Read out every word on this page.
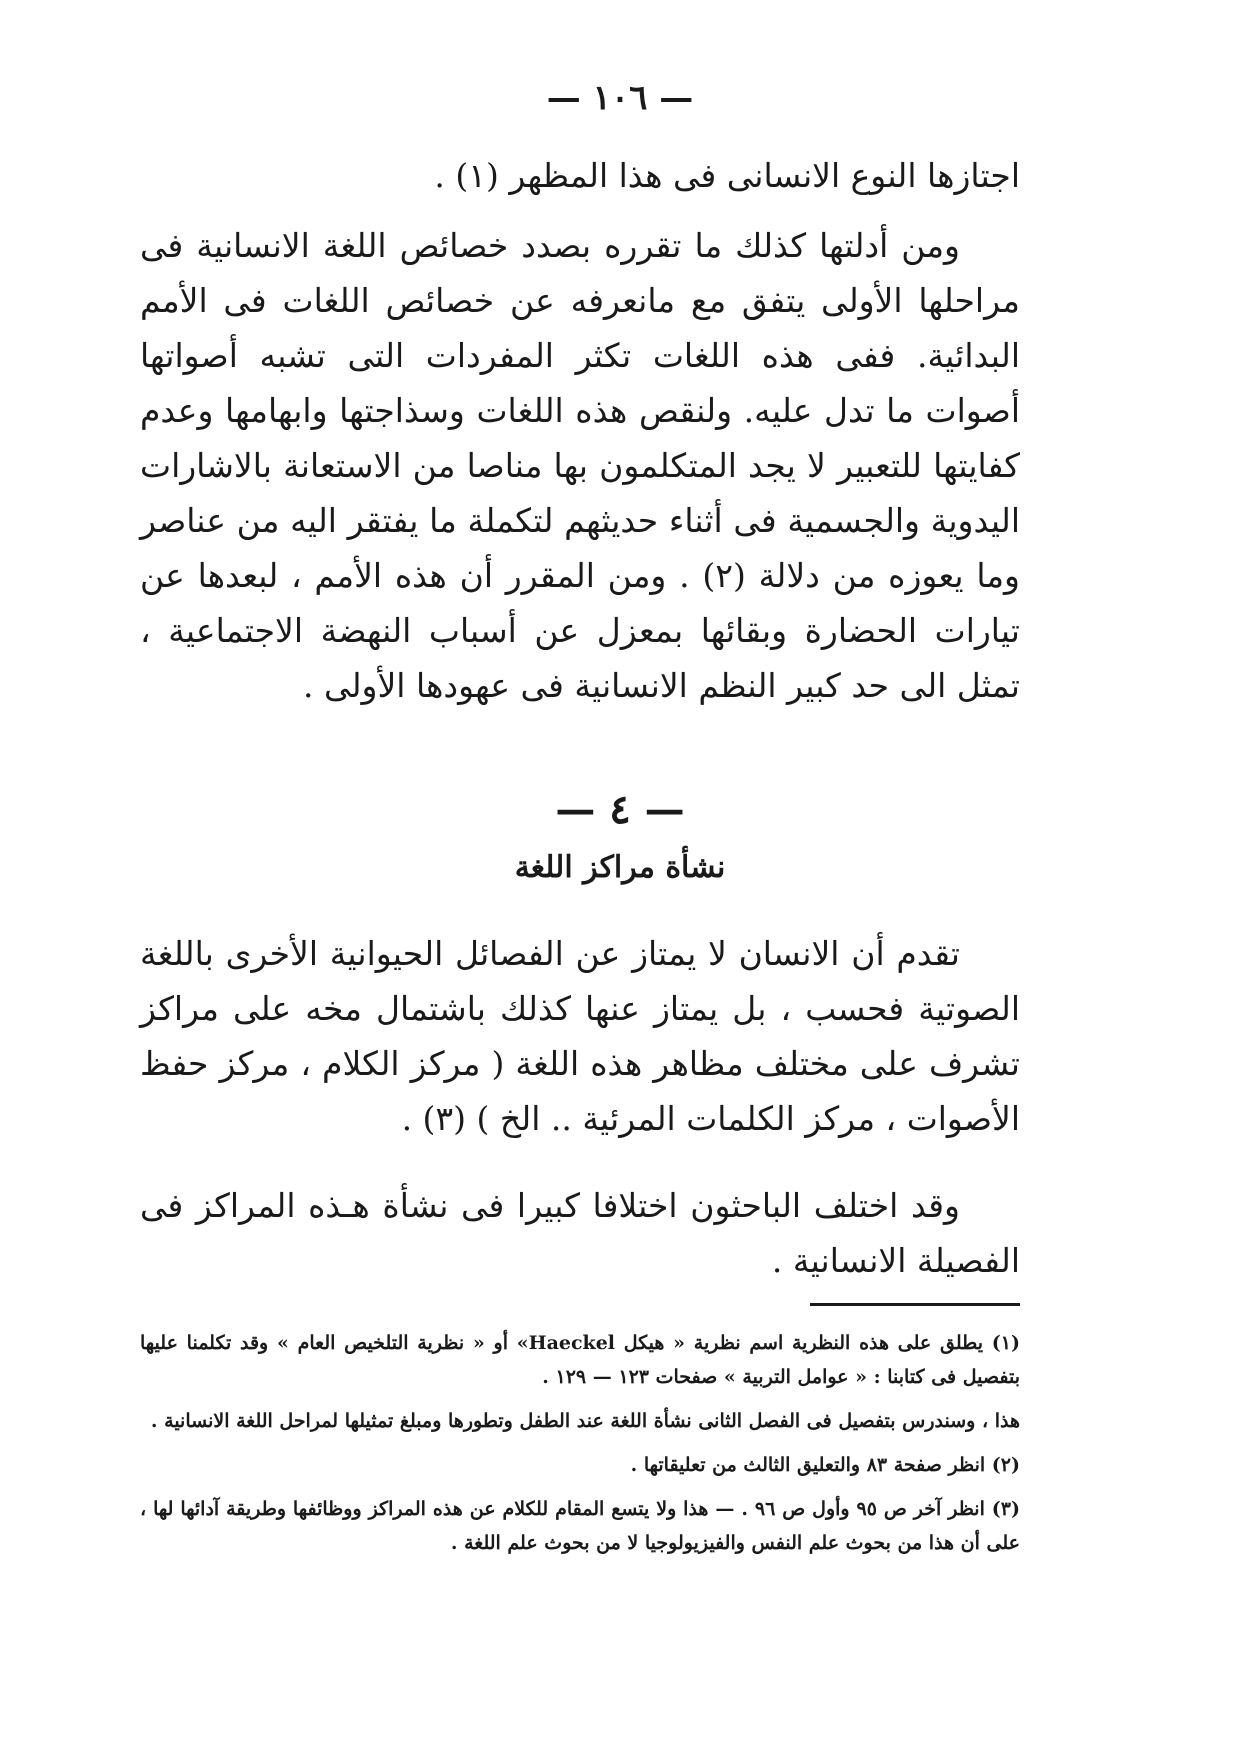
— ١٠٦ —

اجتازها النوع الانسانى فى هذا المظهر (١) .

ومن أدلتها كذلك ما تقرره بصدد خصائص اللغة الانسانية فى مراحلها الأولى يتفق مع مانعرفه عن خصائص اللغات فى الأمم البدائية. ففى هذه اللغات تكثر المفردات التى تشبه أصواتها أصوات ما تدل عليه. ولنقص هذه اللغات وسذاجتها وابهامها وعدم كفايتها للتعبير لا يجد المتكلمون بها مناصا من الاستعانة بالاشارات اليدوية والجسمية فى أثناء حديثهم لتكملة ما يفتقر اليه من عناصر وما يعوزه من دلالة (٢) . ومن المقرر أن هذه الأمم ، لبعدها عن تيارات الحضارة وبقائها بمعزل عن أسباب النهضة الاجتماعية ، تمثل الى حد كبير النظم الانسانية فى عهودها الأولى .

— ٤ —
نشأة مراكز اللغة

تقدم أن الانسان لا يمتاز عن الفصائل الحيوانية الأخرى باللغة الصوتية فحسب ، بل يمتاز عنها كذلك باشتمال مخه على مراكز تشرف على مختلف مظاهر هذه اللغة ( مركز الكلام ، مركز حفظ الأصوات ، مركز الكلمات المرئية .. الخ ) (٣) .

وقد اختلف الباحثون اختلافا كبيرا فى نشأة هـذه المراكز فى الفصيلة الانسانية .

(١) يطلق على هذه النظرية اسم نظرية « هيكل Haeckel» أو « نظرية التلخيص العام » وقد تكلمنا عليها بتفصيل فى كتابنا : « عوامل التربية » صفحات ١٢٣ — ١٢٩ .

هذا ، وسندرس بتفصيل فى الفصل الثانى نشأة اللغة عند الطفل وتطورها ومبلغ تمثيلها لمراحل اللغة الانسانية .

(٢) انظر صفحة ٨٣ والتعليق الثالث من تعليقاتها .

(٣) انظر آخر ص ٩٥ وأول ص ٩٦ . — هذا ولا يتسع المقام للكلام عن هذه المراكز ووظائفها وطريقة آدائها لها ، على أن هذا من بحوث علم النفس والفيزيولوجيا لا من بحوث علم اللغة .
